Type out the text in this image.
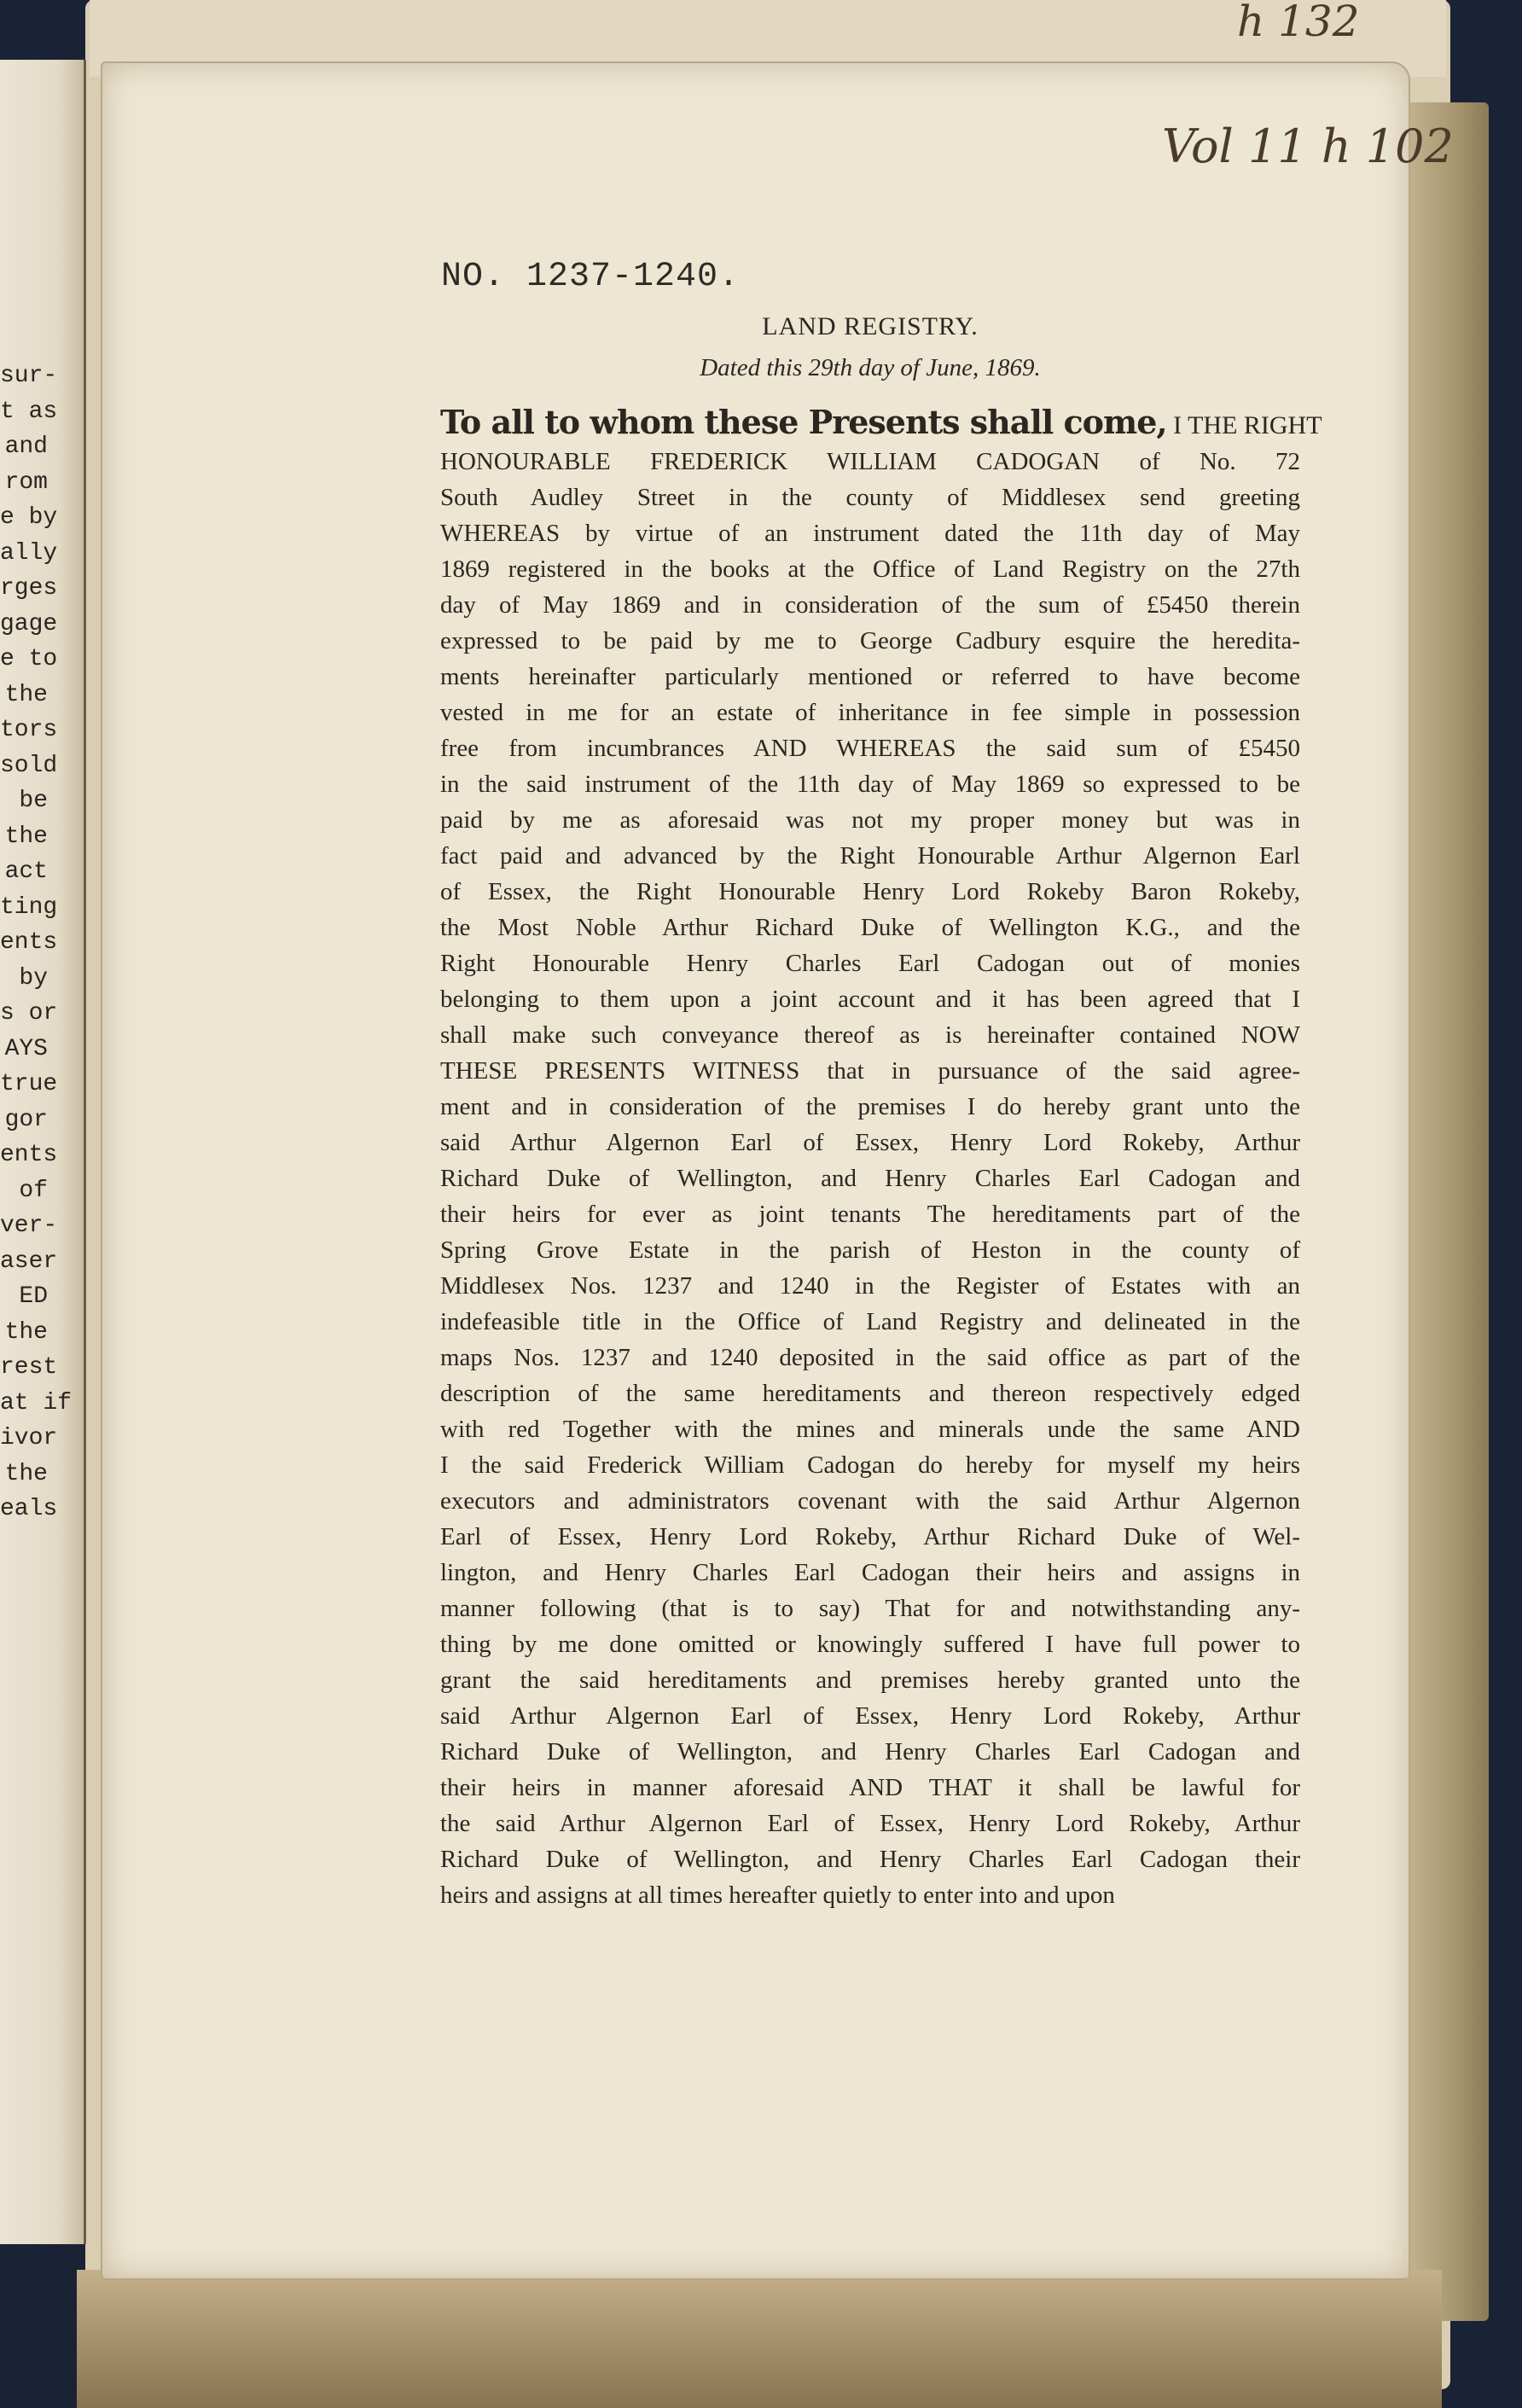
h 132
sur-
t as
and
rom
e by
ally
rges
gage
e to
the
tors
sold
be
the
act
ting
ents
by
s or
AYS
true
gor
ents
of
ver-
aser
ED
the
rest
at if
ivor
the
eals
Vol 11 h 102
NO. 1237-1240.
LAND REGISTRY.
Dated this 29th day of June, 1869.
To all to whom these Presents shall come, I THE RIGHT
HONOURABLE FREDERICK WILLIAM CADOGAN of No. 72
South Audley Street in the county of Middlesex send greeting
WHEREAS by virtue of an instrument dated the 11th day of May
1869 registered in the books at the Office of Land Registry on the 27th
day of May 1869 and in consideration of the sum of £5450 therein
expressed to be paid by me to George Cadbury esquire the heredita-
ments hereinafter particularly mentioned or referred to have become
vested in me for an estate of inheritance in fee simple in possession
free from incumbrances AND WHEREAS the said sum of £5450
in the said instrument of the 11th day of May 1869 so expressed to be
paid by me as aforesaid was not my proper money but was in
fact paid and advanced by the Right Honourable Arthur Algernon Earl
of Essex, the Right Honourable Henry Lord Rokeby Baron Rokeby,
the Most Noble Arthur Richard Duke of Wellington K.G., and the
Right Honourable Henry Charles Earl Cadogan out of monies
belonging to them upon a joint account and it has been agreed that I
shall make such conveyance thereof as is hereinafter contained NOW
THESE PRESENTS WITNESS that in pursuance of the said agree-
ment and in consideration of the premises I do hereby grant unto the
said Arthur Algernon Earl of Essex, Henry Lord Rokeby, Arthur
Richard Duke of Wellington, and Henry Charles Earl Cadogan and
their heirs for ever as joint tenants The hereditaments part of the
Spring Grove Estate in the parish of Heston in the county of
Middlesex Nos. 1237 and 1240 in the Register of Estates with an
indefeasible title in the Office of Land Registry and delineated in the
maps Nos. 1237 and 1240 deposited in the said office as part of the
description of the same hereditaments and thereon respectively edged
with red Together with the mines and minerals unde the same AND
I the said Frederick William Cadogan do hereby for myself my heirs
executors and administrators covenant with the said Arthur Algernon
Earl of Essex, Henry Lord Rokeby, Arthur Richard Duke of Wel-
lington, and Henry Charles Earl Cadogan their heirs and assigns in
manner following (that is to say) That for and notwithstanding any-
thing by me done omitted or knowingly suffered I have full power to
grant the said hereditaments and premises hereby granted unto the
said Arthur Algernon Earl of Essex, Henry Lord Rokeby, Arthur
Richard Duke of Wellington, and Henry Charles Earl Cadogan and
their heirs in manner aforesaid AND THAT it shall be lawful for
the said Arthur Algernon Earl of Essex, Henry Lord Rokeby, Arthur
Richard Duke of Wellington, and Henry Charles Earl Cadogan their
heirs and assigns at all times hereafter quietly to enter into and upon
